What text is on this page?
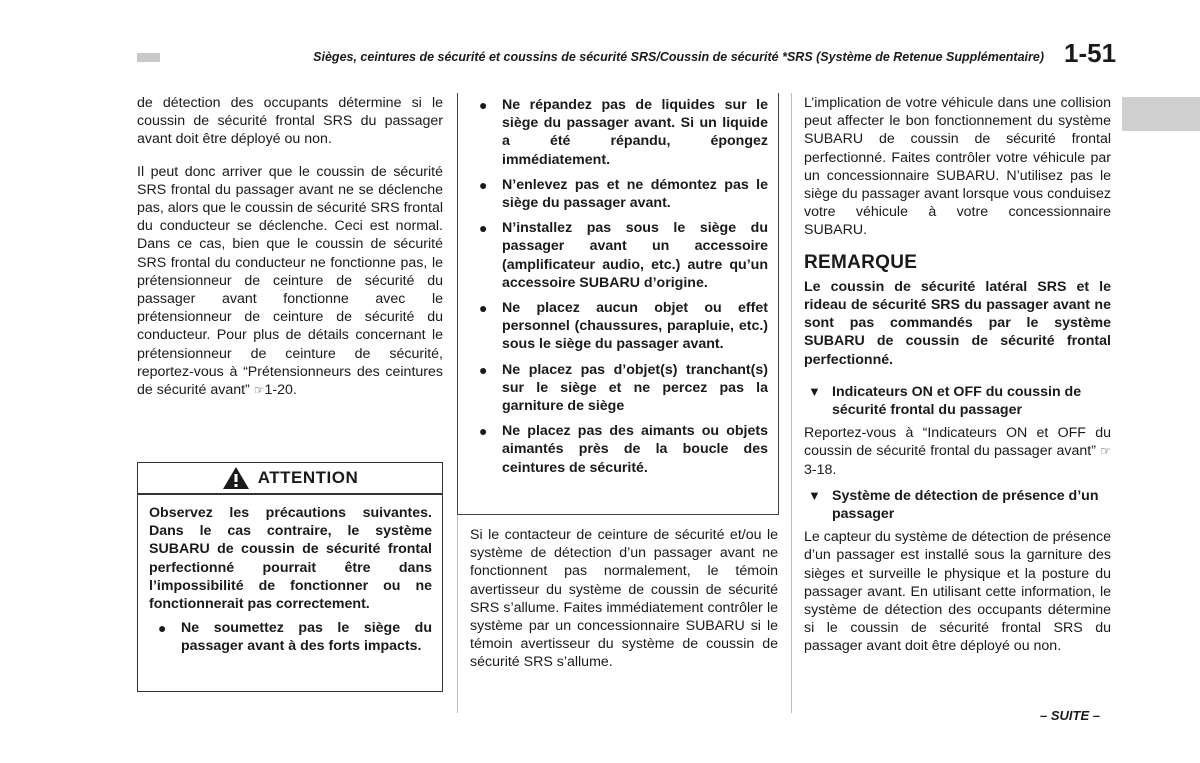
Sièges, ceintures de sécurité et coussins de sécurité SRS/Coussin de sécurité *SRS (Système de Retenue Supplémentaire) 1-51

de détection des occupants détermine si le coussin de sécurité frontal SRS du passager avant doit être déployé ou non.

Il peut donc arriver que le coussin de sécurité SRS frontal du passager avant ne se déclenche pas, alors que le coussin de sécurité SRS frontal du conducteur se déclenche. Ceci est normal. Dans ce cas, bien que le coussin de sécurité SRS frontal du conducteur ne fonctionne pas, le prétensionneur de ceinture de sécurité du passager avant fonctionne avec le prétensionneur de ceinture de sécurité du conducteur. Pour plus de détails concernant le prétensionneur de ceinture de sécurité, reportez-vous à “Prétensionneurs des ceintures de sécurité avant” ☞1-20.

ATTENTION

Observez les précautions suivantes. Dans le cas contraire, le système SUBARU de coussin de sécurité frontal perfectionné pourrait être dans l’impossibilité de fonctionner ou ne fonctionnerait pas correctement.

● Ne soumettez pas le siège du passager avant à des forts impacts.
● Ne répandez pas de liquides sur le siège du passager avant. Si un liquide a été répandu, épongez immédiatement.
● N’enlevez pas et ne démontez pas le siège du passager avant.
● N’installez pas sous le siège du passager avant un accessoire (amplificateur audio, etc.) autre qu’un accessoire SUBARU d’origine.
● Ne placez aucun objet ou effet personnel (chaussures, parapluie, etc.) sous le siège du passager avant.
● Ne placez pas d’objet(s) tranchant(s) sur le siège et ne percez pas la garniture de siège
● Ne placez pas des aimants ou objets aimantés près de la boucle des ceintures de sécurité.

Si le contacteur de ceinture de sécurité et/ou le système de détection d’un passager avant ne fonctionnent pas normalement, le témoin avertisseur du système de coussin de sécurité SRS s’allume. Faites immédiatement contrôler le système par un concessionnaire SUBARU si le témoin avertisseur du système de coussin de sécurité SRS s’allume.

L’implication de votre véhicule dans une collision peut affecter le bon fonctionnement du système SUBARU de coussin de sécurité frontal perfectionné. Faites contrôler votre véhicule par un concessionnaire SUBARU. N’utilisez pas le siège du passager avant lorsque vous conduisez votre véhicule à votre concessionnaire SUBARU.

REMARQUE

Le coussin de sécurité latéral SRS et le rideau de sécurité SRS du passager avant ne sont pas commandés par le système SUBARU de coussin de sécurité frontal perfectionné.

▼ Indicateurs ON et OFF du coussin de sécurité frontal du passager

Reportez-vous à “Indicateurs ON et OFF du coussin de sécurité frontal du passager avant” ☞3-18.

▼ Système de détection de présence d’un passager

Le capteur du système de détection de présence d’un passager est installé sous la garniture des sièges et surveille le physique et la posture du passager avant. En utilisant cette information, le système de détection des occupants détermine si le coussin de sécurité frontal SRS du passager avant doit être déployé ou non.

– SUITE –
